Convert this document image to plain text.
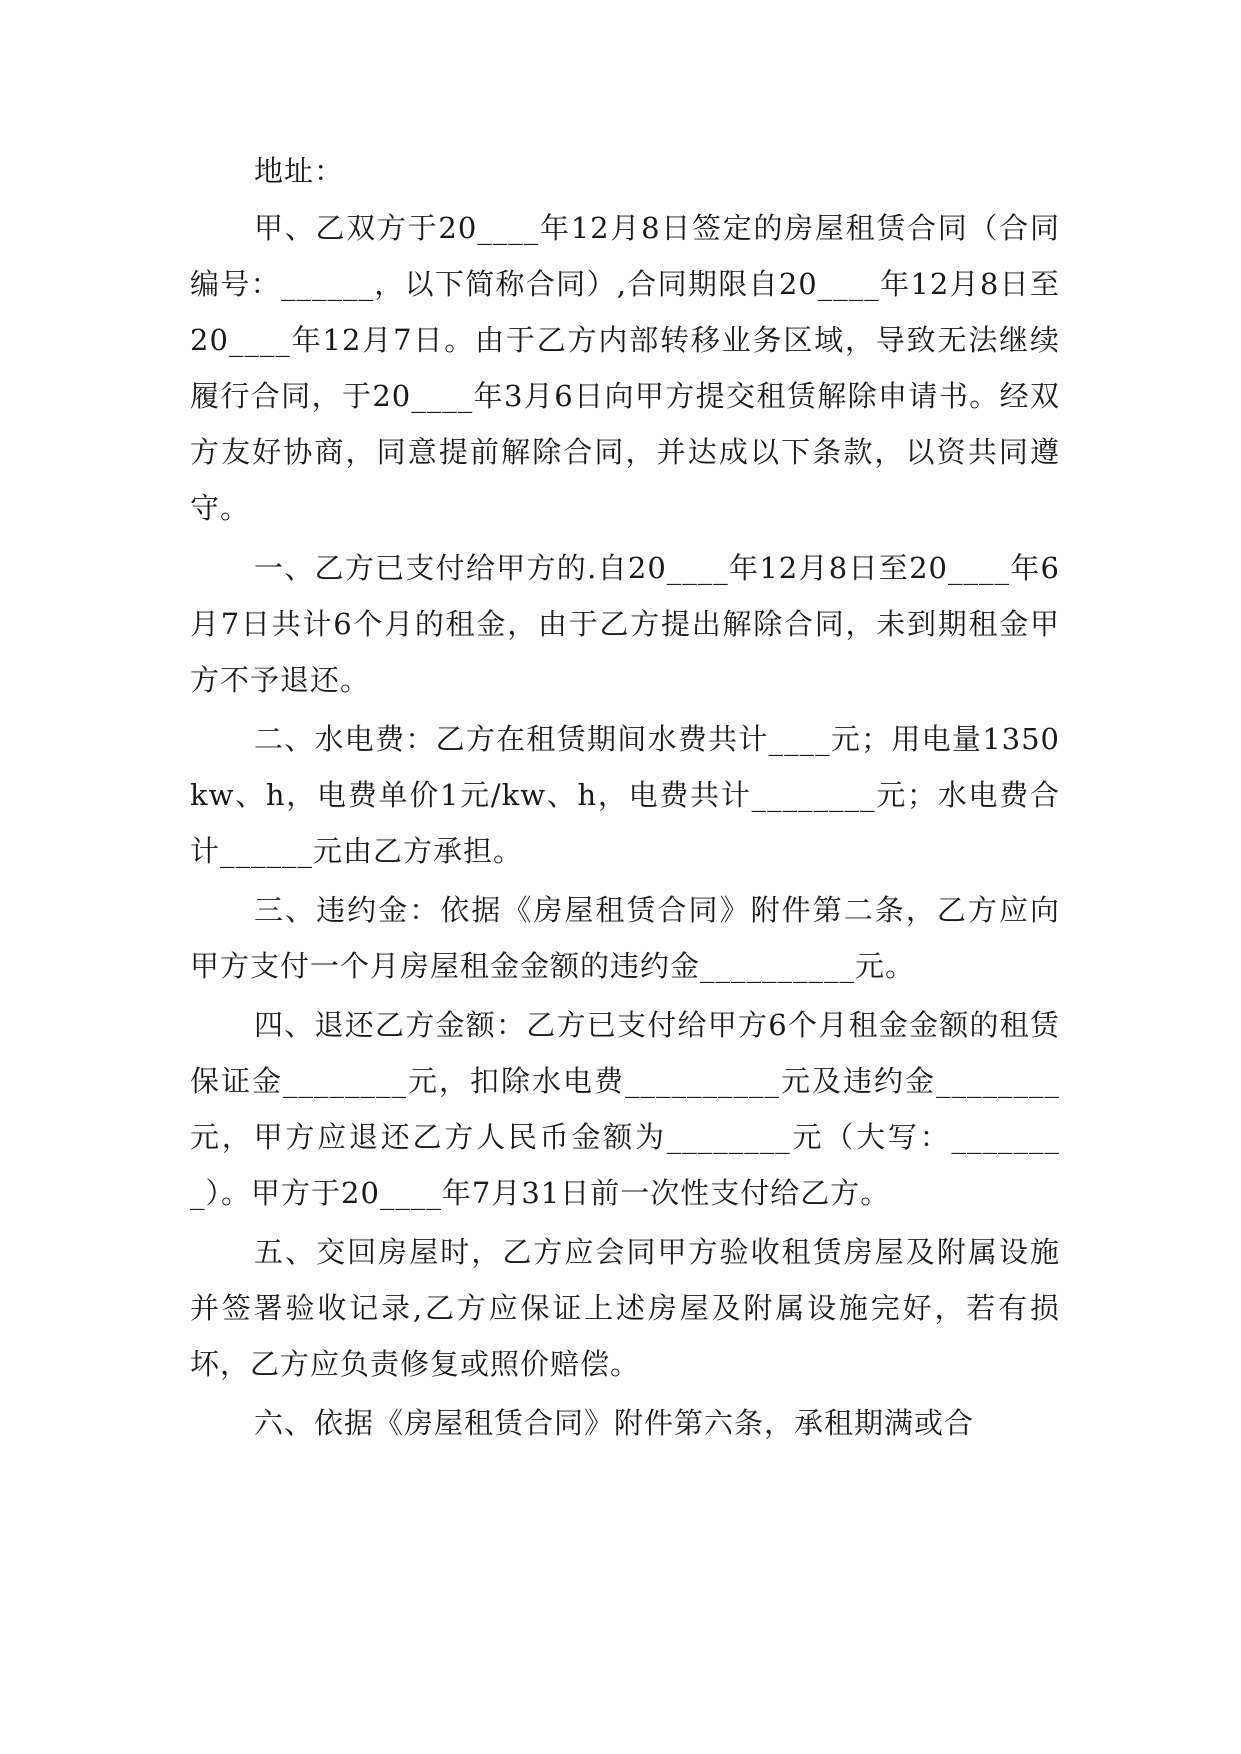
地址：

甲、乙双方于20____年12月8日签定的房屋租赁合同（合同编号：______，以下简称合同）,合同期限自20____年12月8日至20____年12月7日。由于乙方内部转移业务区域，导致无法继续履行合同，于20____年3月6日向甲方提交租赁解除申请书。经双方友好协商，同意提前解除合同，并达成以下条款，以资共同遵守。

一、乙方已支付给甲方的.自20____年12月8日至20____年6月7日共计6个月的租金，由于乙方提出解除合同，未到期租金甲方不予退还。

二、水电费：乙方在租赁期间水费共计____元；用电量1350kw、h，电费单价1元/kw、h，电费共计________元；水电费合计______元由乙方承担。

三、违约金：依据《房屋租赁合同》附件第二条，乙方应向甲方支付一个月房屋租金金额的违约金__________元。

四、退还乙方金额：乙方已支付给甲方6个月租金金额的租赁保证金________元，扣除水电费__________元及违约金________元，甲方应退还乙方人民币金额为________元（大写：________）。甲方于20____年7月31日前一次性支付给乙方。

五、交回房屋时，乙方应会同甲方验收租赁房屋及附属设施并签署验收记录,乙方应保证上述房屋及附属设施完好，若有损坏，乙方应负责修复或照价赔偿。

六、依据《房屋租赁合同》附件第六条，承租期满或合
